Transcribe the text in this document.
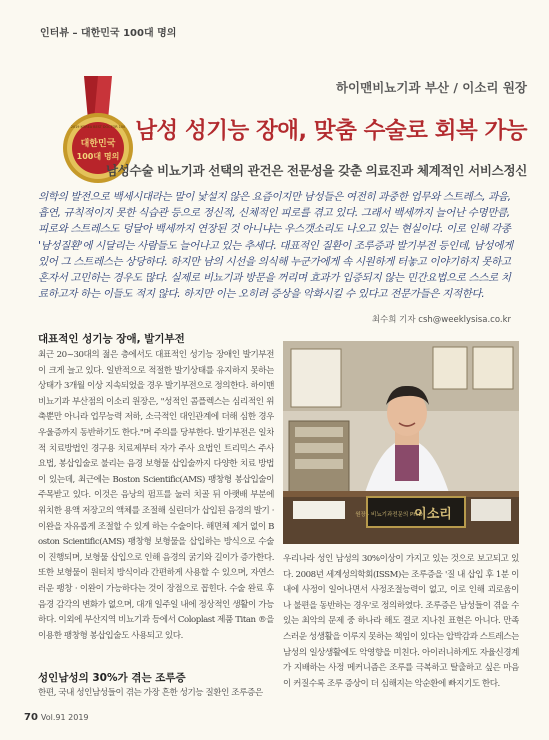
인터뷰 – 대한민국 100대 명의
2019 KOREA BEST DOCTOR 100
대한민국
100대 명의
하이맨비뇨기과 부산 / 이소리 원장
남성 성기능 장애, 맞춤 수술로 회복 가능
남성수술 비뇨기과 선택의 관건은 전문성을 갖춘 의료진과 체계적인 서비스정신

의학의 발전으로 백세시대라는 말이 낯설지 않은 요즘이지만 남성들은 여전히 과중한 업무와 스트레스, 과음, 흡연, 규칙적이지 못한 식습관 등으로 정신적, 신체적인 피로를 겪고 있다. 그래서 백세까지 늘어난 수명만큼, 피로와 스트레스도 덩달아 백세까지 연장된 것 아니냐는 우스갯소리도 나오고 있는 현실이다. 이로 인해 각종 '남성질환'에 시달리는 사람들도 늘어나고 있는 추세다. 대표적인 질환이 조루증과 발기부전 등인데, 남성에게 있어 그 스트레스는 상당하다. 하지만 남의 시선을 의식해 누군가에게 속 시원하게 터놓고 이야기하지 못하고 혼자서 고민하는 경우도 많다. 실제로 비뇨기과 방문을 꺼리며 효과가 입증되지 않는 민간요법으로 스스로 치료하고자 하는 이들도 적지 않다. 하지만 이는 오히려 증상을 악화시킬 수 있다고 전문가들은 지적한다.

최수희 기자 csh@weeklysisa.co.kr
대표적인 성기능 장애, 발기부전

최근 20~30대의 젊은 층에서도 대표적인 성기능 장애인 발기부전이 크게 늘고 있다. 일반적으로 적절한 발기상태를 유지하지 못하는 상태가 3개월 이상 지속되었을 경우 발기부전으로 정의한다. 하이맨비뇨기과 부산점의 이소리 원장은, "성적인 콤플렉스는 심리적인 위축뿐만 아니라 업무능력 저하, 소극적인 대인관계에 더해 심한 경우 우울증까지 동반하기도 한다."며 주의를 당부한다. 발기부전은 일차적 치료방법인 경구용 치료제부터 자가 주사 요법인 트리믹스 주사요법, 봉삽입술로 불리는 음경 보형물 삽입술까지 다양한 치료 방법이 있는데, 최근에는 Boston Scientific(AMS) 팽창형 봉삽입술이 주목받고 있다. 이것은 음낭의 펌프를 눌러 치골 뒤 아랫배 부분에 위치한 용액 저장고의 액체를 조절해 실린더가 삽입된 음경의 발기 · 이완을 자유롭게 조절할 수 있게 하는 수술이다. 해면체 제거 없이 Boston Scientific(AMS) 팽창형 보형물을 삽입하는 방식으로 수술이 진행되며, 보형물 삽입으로 인해 음경의 굵기와 길이가 증가한다. 또한 보형물이 원터치 방식이라 간편하게 사용할 수 있으며, 자연스러운 팽창 · 이완이 가능하다는 것이 장점으로 꼽힌다. 수술 완료 후 음경 감각의 변화가 없으며, 대개 일주일 내에 정상적인 생활이 가능하다. 이외에 부산지역 비뇨기과 등에서 Coloplast 제품 Titan ®을 이용한 팽창형 봉삽입술도 사용되고 있다.

성인남성의 30%가 겪는 조루증

한편, 국내 성인남성들이 겪는 가장 흔한 성기능 질환인 조루증은

원장 · 비뇨기과전문의 Ph.D
이소리

우리나라 성인 남성의 30%이상이 가지고 있는 것으로 보고되고 있다. 2008년 세계성의학회(ISSM)는 조루증을 '질 내 삽입 후 1분 이내에 사정이 일어나면서 사정조절능력이 없고, 이로 인해 괴로움이나 불편을 동반하는 경우'로 정의하였다. 조루증은 남성들이 겪을 수 있는 최악의 문제 중 하나라 해도 결코 지나친 표현은 아니다. 만족스러운 성생활을 이루지 못하는 책임이 있다는 압박감과 스트레스는 남성의 일상생활에도 악영향을 미친다. 아이러니하게도 자율신경계가 지배하는 사정 메커니즘은 조루를 극복하고 탈출하고 싶은 마음이 커질수록 조루 증상이 더 심해지는 악순환에 빠지기도 한다.

70 Vol.91 2019
